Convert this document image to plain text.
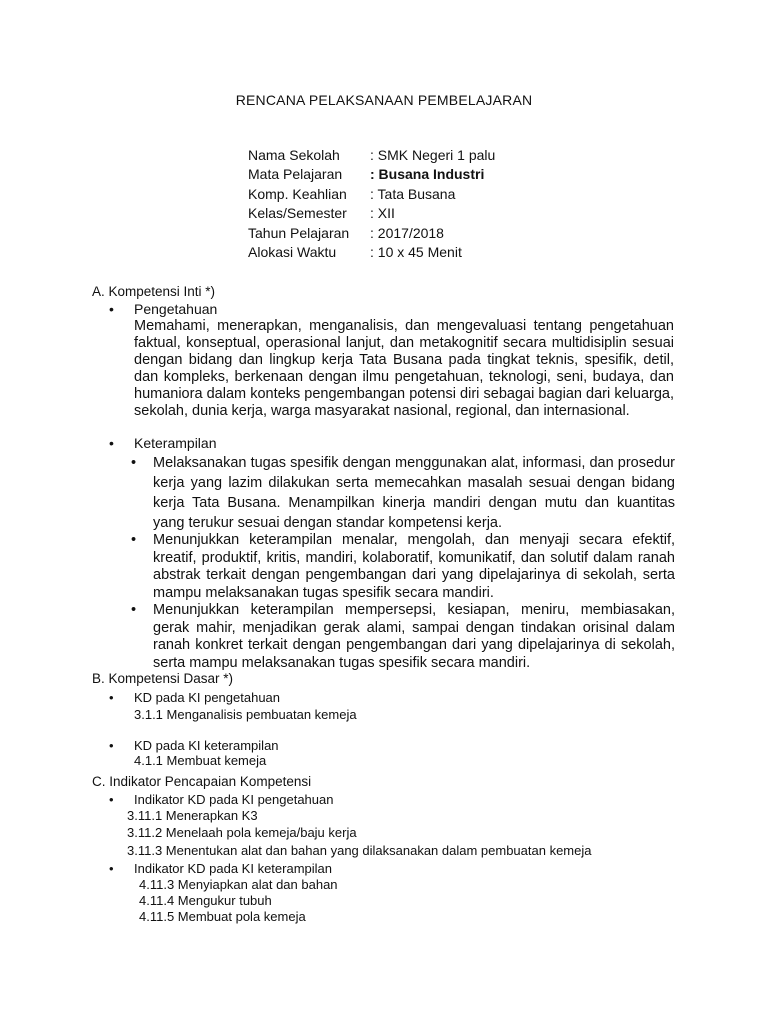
RENCANA PELAKSANAAN PEMBELAJARAN
Nama Sekolah	: SMK Negeri 1 palu
Mata Pelajaran	: Busana Industri
Komp. Keahlian	: Tata Busana
Kelas/Semester	: XII
Tahun Pelajaran	: 2017/2018
Alokasi Waktu	: 10 x 45 Menit
A. Kompetensi Inti *)
• Pengetahuan
Memahami, menerapkan, menganalisis, dan mengevaluasi tentang pengetahuan faktual, konseptual, operasional lanjut, dan metakognitif secara multidisiplin sesuai dengan bidang dan lingkup kerja Tata Busana pada tingkat teknis, spesifik, detil, dan kompleks, berkenaan dengan ilmu pengetahuan, teknologi, seni, budaya, dan humaniora dalam konteks pengembangan potensi diri sebagai bagian dari keluarga, sekolah, dunia kerja, warga masyarakat nasional, regional, dan internasional.
• Keterampilan
• Melaksanakan tugas spesifik dengan menggunakan alat, informasi, dan prosedur kerja yang lazim dilakukan serta memecahkan masalah sesuai dengan bidang kerja Tata Busana. Menampilkan kinerja mandiri dengan mutu dan kuantitas yang terukur sesuai dengan standar kompetensi kerja.
• Menunjukkan keterampilan menalar, mengolah, dan menyaji secara efektif, kreatif, produktif, kritis, mandiri, kolaboratif, komunikatif, dan solutif dalam ranah abstrak terkait dengan pengembangan dari yang dipelajarinya di sekolah, serta mampu melaksanakan tugas spesifik secara mandiri.
• Menunjukkan keterampilan mempersepsi, kesiapan, meniru, membiasakan, gerak mahir, menjadikan gerak alami, sampai dengan tindakan orisinal dalam ranah konkret terkait dengan pengembangan dari yang dipelajarinya di sekolah, serta mampu melaksanakan tugas spesifik secara mandiri.
B. Kompetensi Dasar *)
• KD pada KI pengetahuan
3.1.1 Menganalisis pembuatan kemeja
• KD pada KI keterampilan
4.1.1 Membuat kemeja
C. Indikator Pencapaian Kompetensi
• Indikator KD pada KI pengetahuan
3.11.1 Menerapkan K3
3.11.2 Menelaah pola kemeja/baju kerja
3.11.3 Menentukan alat dan bahan yang dilaksanakan dalam pembuatan kemeja
• Indikator KD pada KI keterampilan
4.11.3 Menyiapkan alat dan bahan
4.11.4 Mengukur tubuh
4.11.5 Membuat pola kemeja
